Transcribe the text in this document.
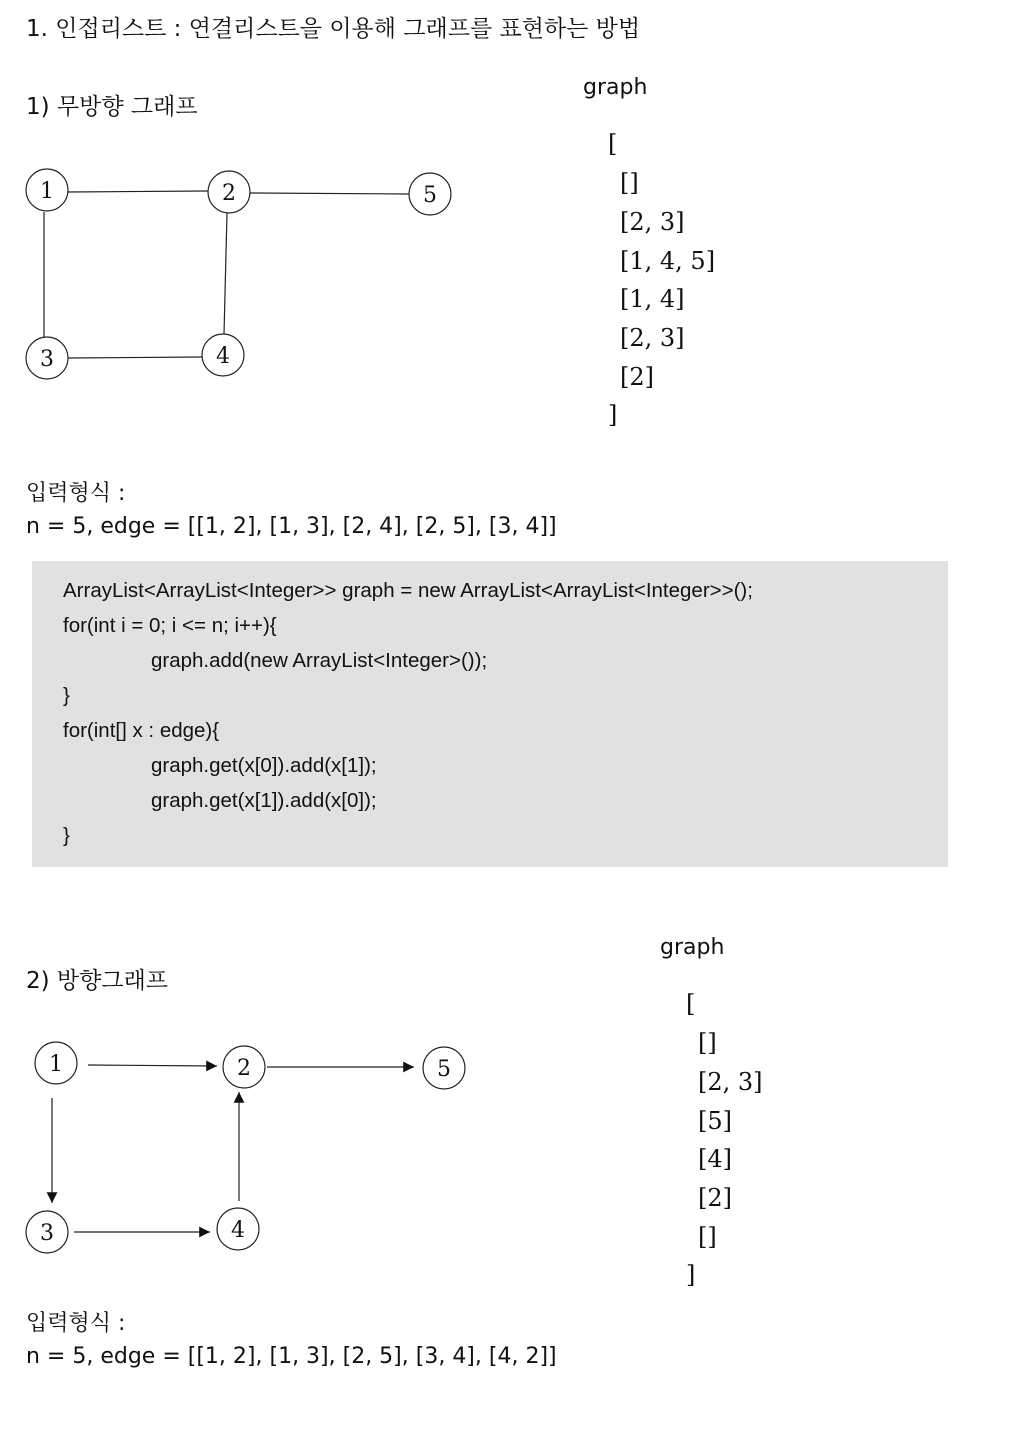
1. 인접리스트 : 연결리스트을 이용해 그래프를 표현하는 방법
1) 무방향 그래프
1	2	5
3	4
graph
[
[]
[2, 3]
[1, 4, 5]
[1, 4]
[2, 3]
[2]
]
입력형식 :
n = 5, edge = [[1, 2], [1, 3], [2, 4], [2, 5], [3, 4]]
ArrayList<ArrayList<Integer>> graph = new ArrayList<ArrayList<Integer>>();
for(int i = 0; i <= n; i++){
graph.add(new ArrayList<Integer>());
}
for(int[] x : edge){
graph.get(x[0]).add(x[1]);
graph.get(x[1]).add(x[0]);
}
2) 방향그래프
1	2	5
3	4
graph
[
[]
[2, 3]
[5]
[4]
[2]
[]
]
입력형식 :
n = 5, edge = [[1, 2], [1, 3], [2, 5], [3, 4], [4, 2]]
